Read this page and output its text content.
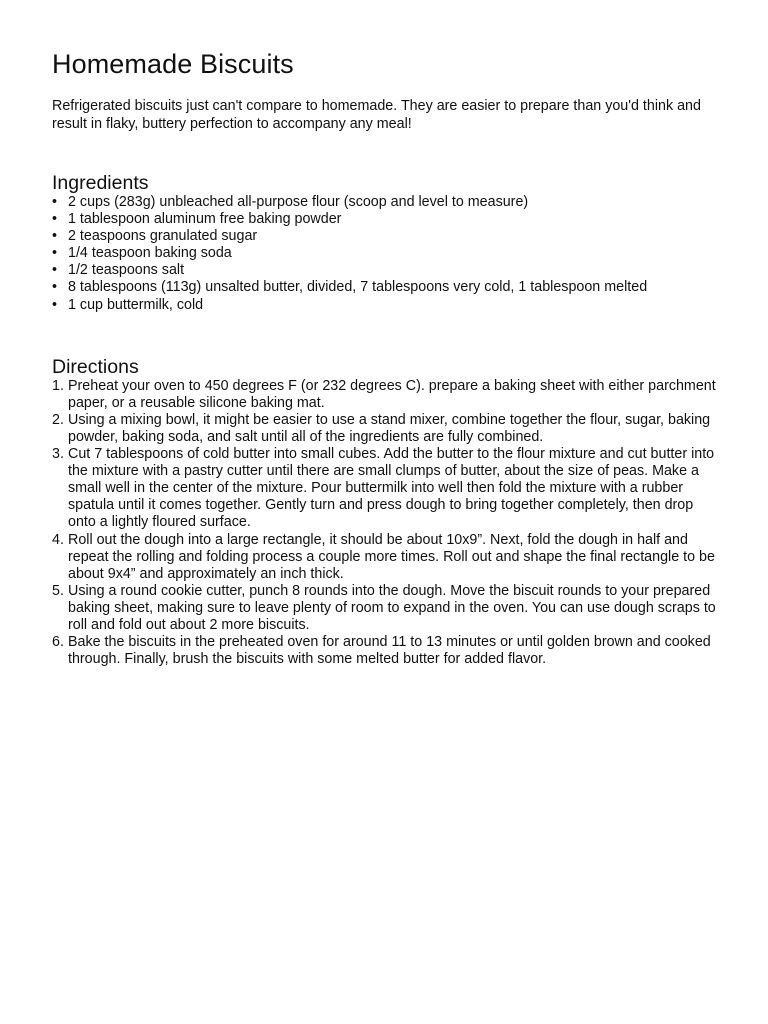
Homemade Biscuits

Refrigerated biscuits just can't compare to homemade. They are easier to prepare than you'd think and result in flaky, buttery perfection to accompany any meal!

Ingredients
• 2 cups (283g) unbleached all-purpose flour (scoop and level to measure)
• 1 tablespoon aluminum free baking powder
• 2 teaspoons granulated sugar
• 1/4 teaspoon baking soda
• 1/2 teaspoons salt
• 8 tablespoons (113g) unsalted butter, divided, 7 tablespoons very cold, 1 tablespoon melted
• 1 cup buttermilk, cold
Directions
1. Preheat your oven to 450 degrees F (or 232 degrees C). prepare a baking sheet with either parchment paper, or a reusable silicone baking mat.
2. Using a mixing bowl, it might be easier to use a stand mixer, combine together the flour, sugar, baking powder, baking soda, and salt until all of the ingredients are fully combined.
3. Cut 7 tablespoons of cold butter into small cubes. Add the butter to the flour mixture and cut butter into the mixture with a pastry cutter until there are small clumps of butter, about the size of peas. Make a small well in the center of the mixture. Pour buttermilk into well then fold the mixture with a rubber spatula until it comes together. Gently turn and press dough to bring together completely, then drop onto a lightly floured surface.
4. Roll out the dough into a large rectangle, it should be about 10x9”. Next, fold the dough in half and repeat the rolling and folding process a couple more times. Roll out and shape the final rectangle to be about 9x4” and approximately an inch thick.
5. Using a round cookie cutter, punch 8 rounds into the dough. Move the biscuit rounds to your prepared baking sheet, making sure to leave plenty of room to expand in the oven. You can use dough scraps to roll and fold out about 2 more biscuits.
6. Bake the biscuits in the preheated oven for around 11 to 13 minutes or until golden brown and cooked through. Finally, brush the biscuits with some melted butter for added flavor.
